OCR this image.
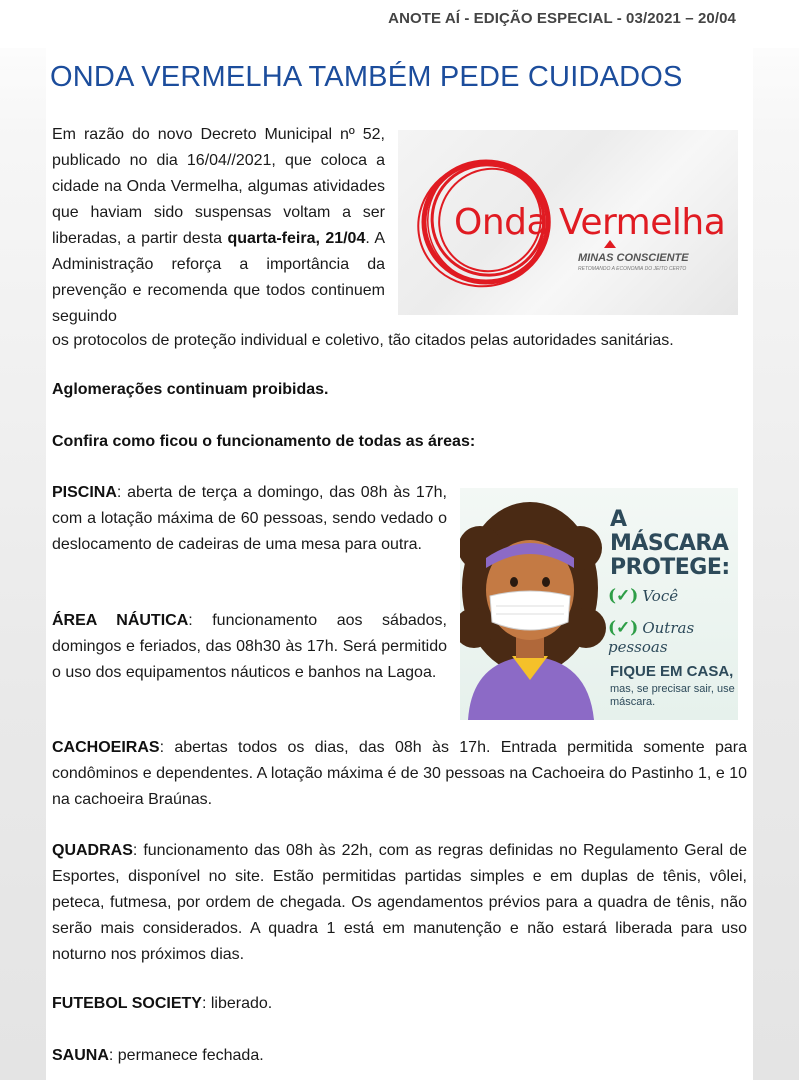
ANOTE AÍ - EDIÇÃO ESPECIAL - 03/2021 – 20/04
ONDA VERMELHA TAMBÉM PEDE CUIDADOS
Em razão do novo Decreto Municipal nº 52, publicado no dia 16/04//2021, que coloca a cidade na Onda Vermelha, algumas atividades que haviam sido suspensas voltam a ser liberadas, a partir desta quarta-feira, 21/04. A Administração reforça a importância da prevenção e recomenda que todos continuem seguindo
os protocolos de proteção individual e coletivo, tão citados pelas autoridades sanitárias.
Onda Vermelha
MINAS CONSCIENTE
RETOMANDO A ECONOMIA DO JEITO CERTO
Aglomerações continuam proibidas.
Confira como ficou o funcionamento de todas as áreas:
PISCINA: aberta de terça a domingo, das 08h às 17h, com a lotação máxima de 60 pessoas, sendo vedado o deslocamento de cadeiras de uma mesa para outra.
ÁREA NÁUTICA: funcionamento aos sábados, domingos e feriados, das 08h30 às 17h. Será permitido o uso dos equipamentos náuticos e banhos na Lagoa.
A MÁSCARA PROTEGE:
(✓) Você
(✓) Outras pessoas
FIQUE EM CASA,
mas, se precisar sair, use máscara.
CACHOEIRAS: abertas todos os dias, das 08h às 17h. Entrada permitida somente para condôminos e dependentes. A lotação máxima é de 30 pessoas na Cachoeira do Pastinho 1, e 10 na cachoeira Braúnas.
QUADRAS: funcionamento das 08h às 22h, com as regras definidas no Regulamento Geral de Esportes, disponível no site. Estão permitidas partidas simples e em duplas de tênis, vôlei, peteca, futmesa, por ordem de chegada. Os agendamentos prévios para a quadra de tênis, não serão mais considerados. A quadra 1 está em manutenção e não estará liberada para uso noturno nos próximos dias.
FUTEBOL SOCIETY: liberado.
SAUNA: permanece fechada.
